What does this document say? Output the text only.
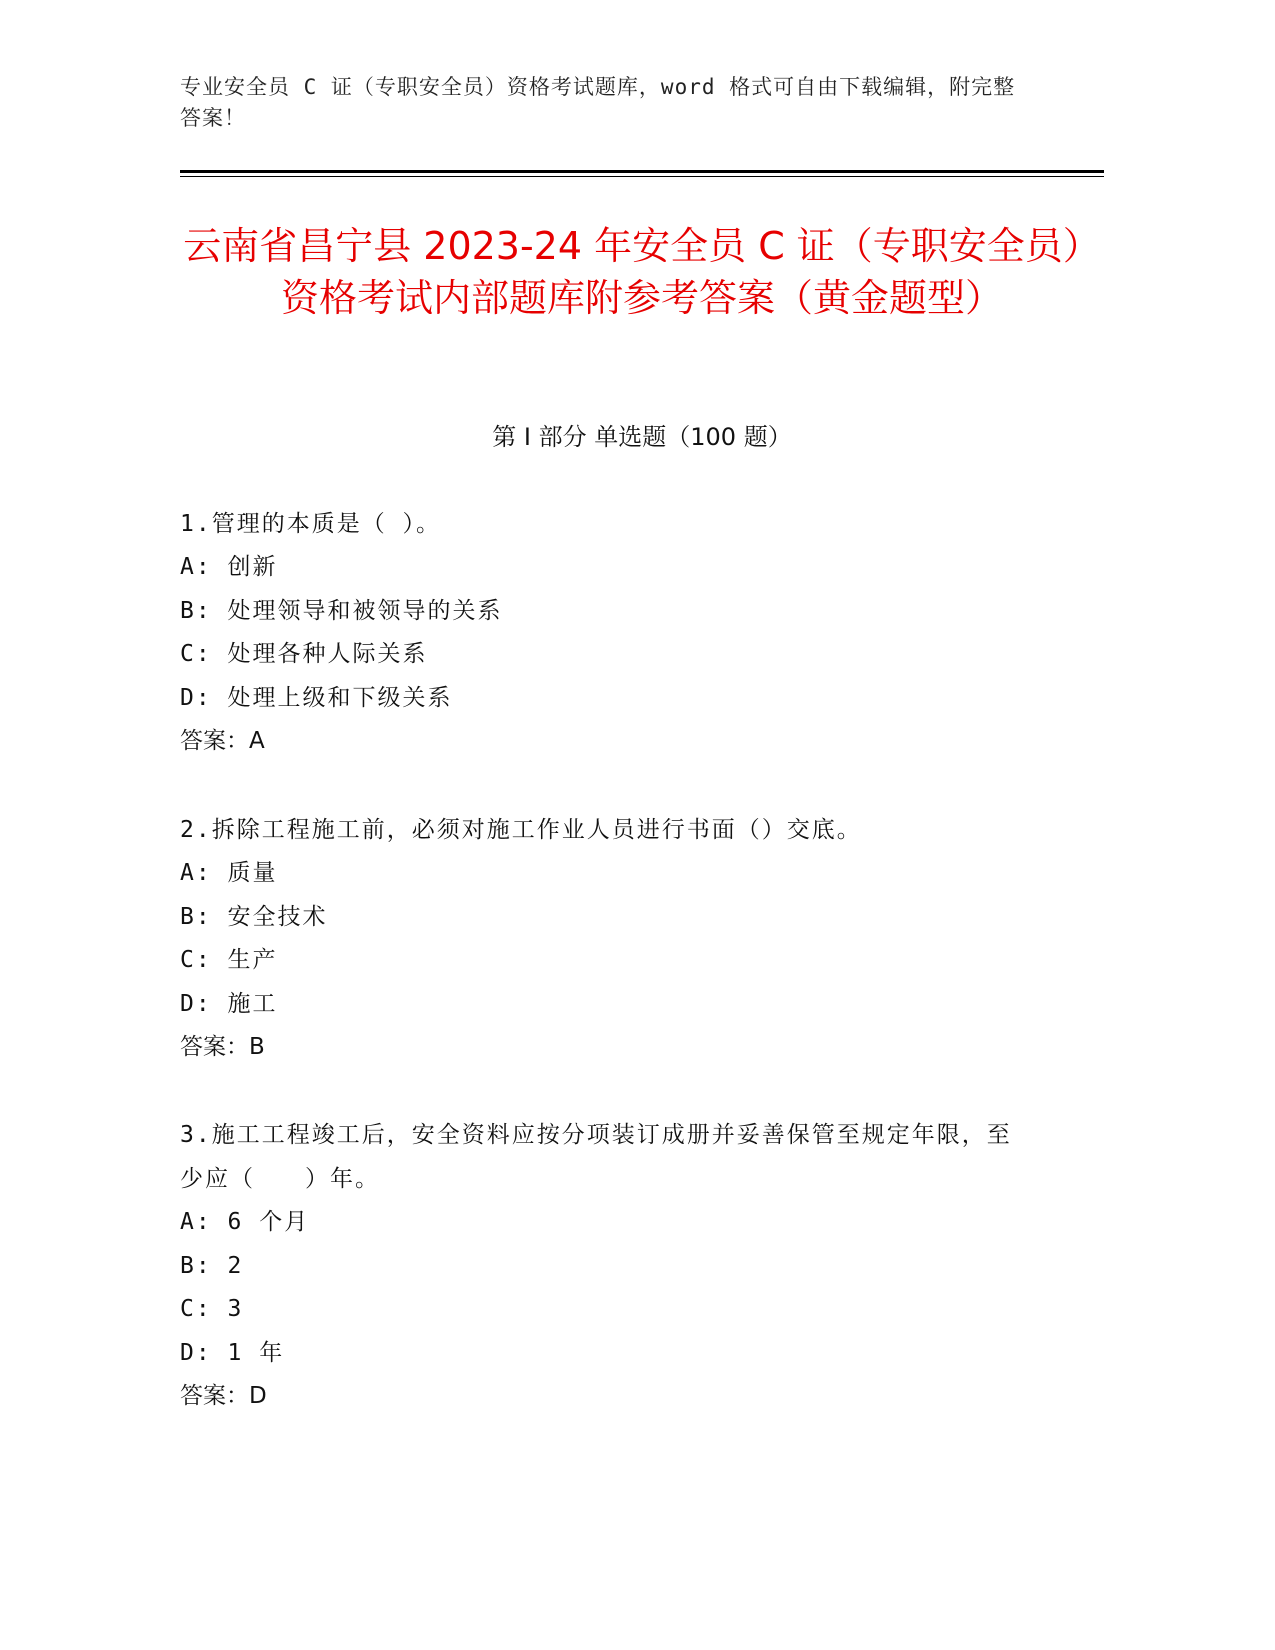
专业安全员 C 证（专职安全员）资格考试题库，word 格式可自由下载编辑，附完整答案！
云南省昌宁县 2023-24 年安全员 C 证（专职安全员）资格考试内部题库附参考答案（黄金题型）
第 I 部分 单选题（100 题）
1.管理的本质是（ ）。
A: 创新
B: 处理领导和被领导的关系
C: 处理各种人际关系
D: 处理上级和下级关系
答案：A
2.拆除工程施工前，必须对施工作业人员进行书面（）交底。
A: 质量
B: 安全技术
C: 生产
D: 施工
答案：B
3.施工工程竣工后，安全资料应按分项装订成册并妥善保管至规定年限，至少应（　　）年。
A: 6 个月
B: 2
C: 3
D: 1 年
答案：D
